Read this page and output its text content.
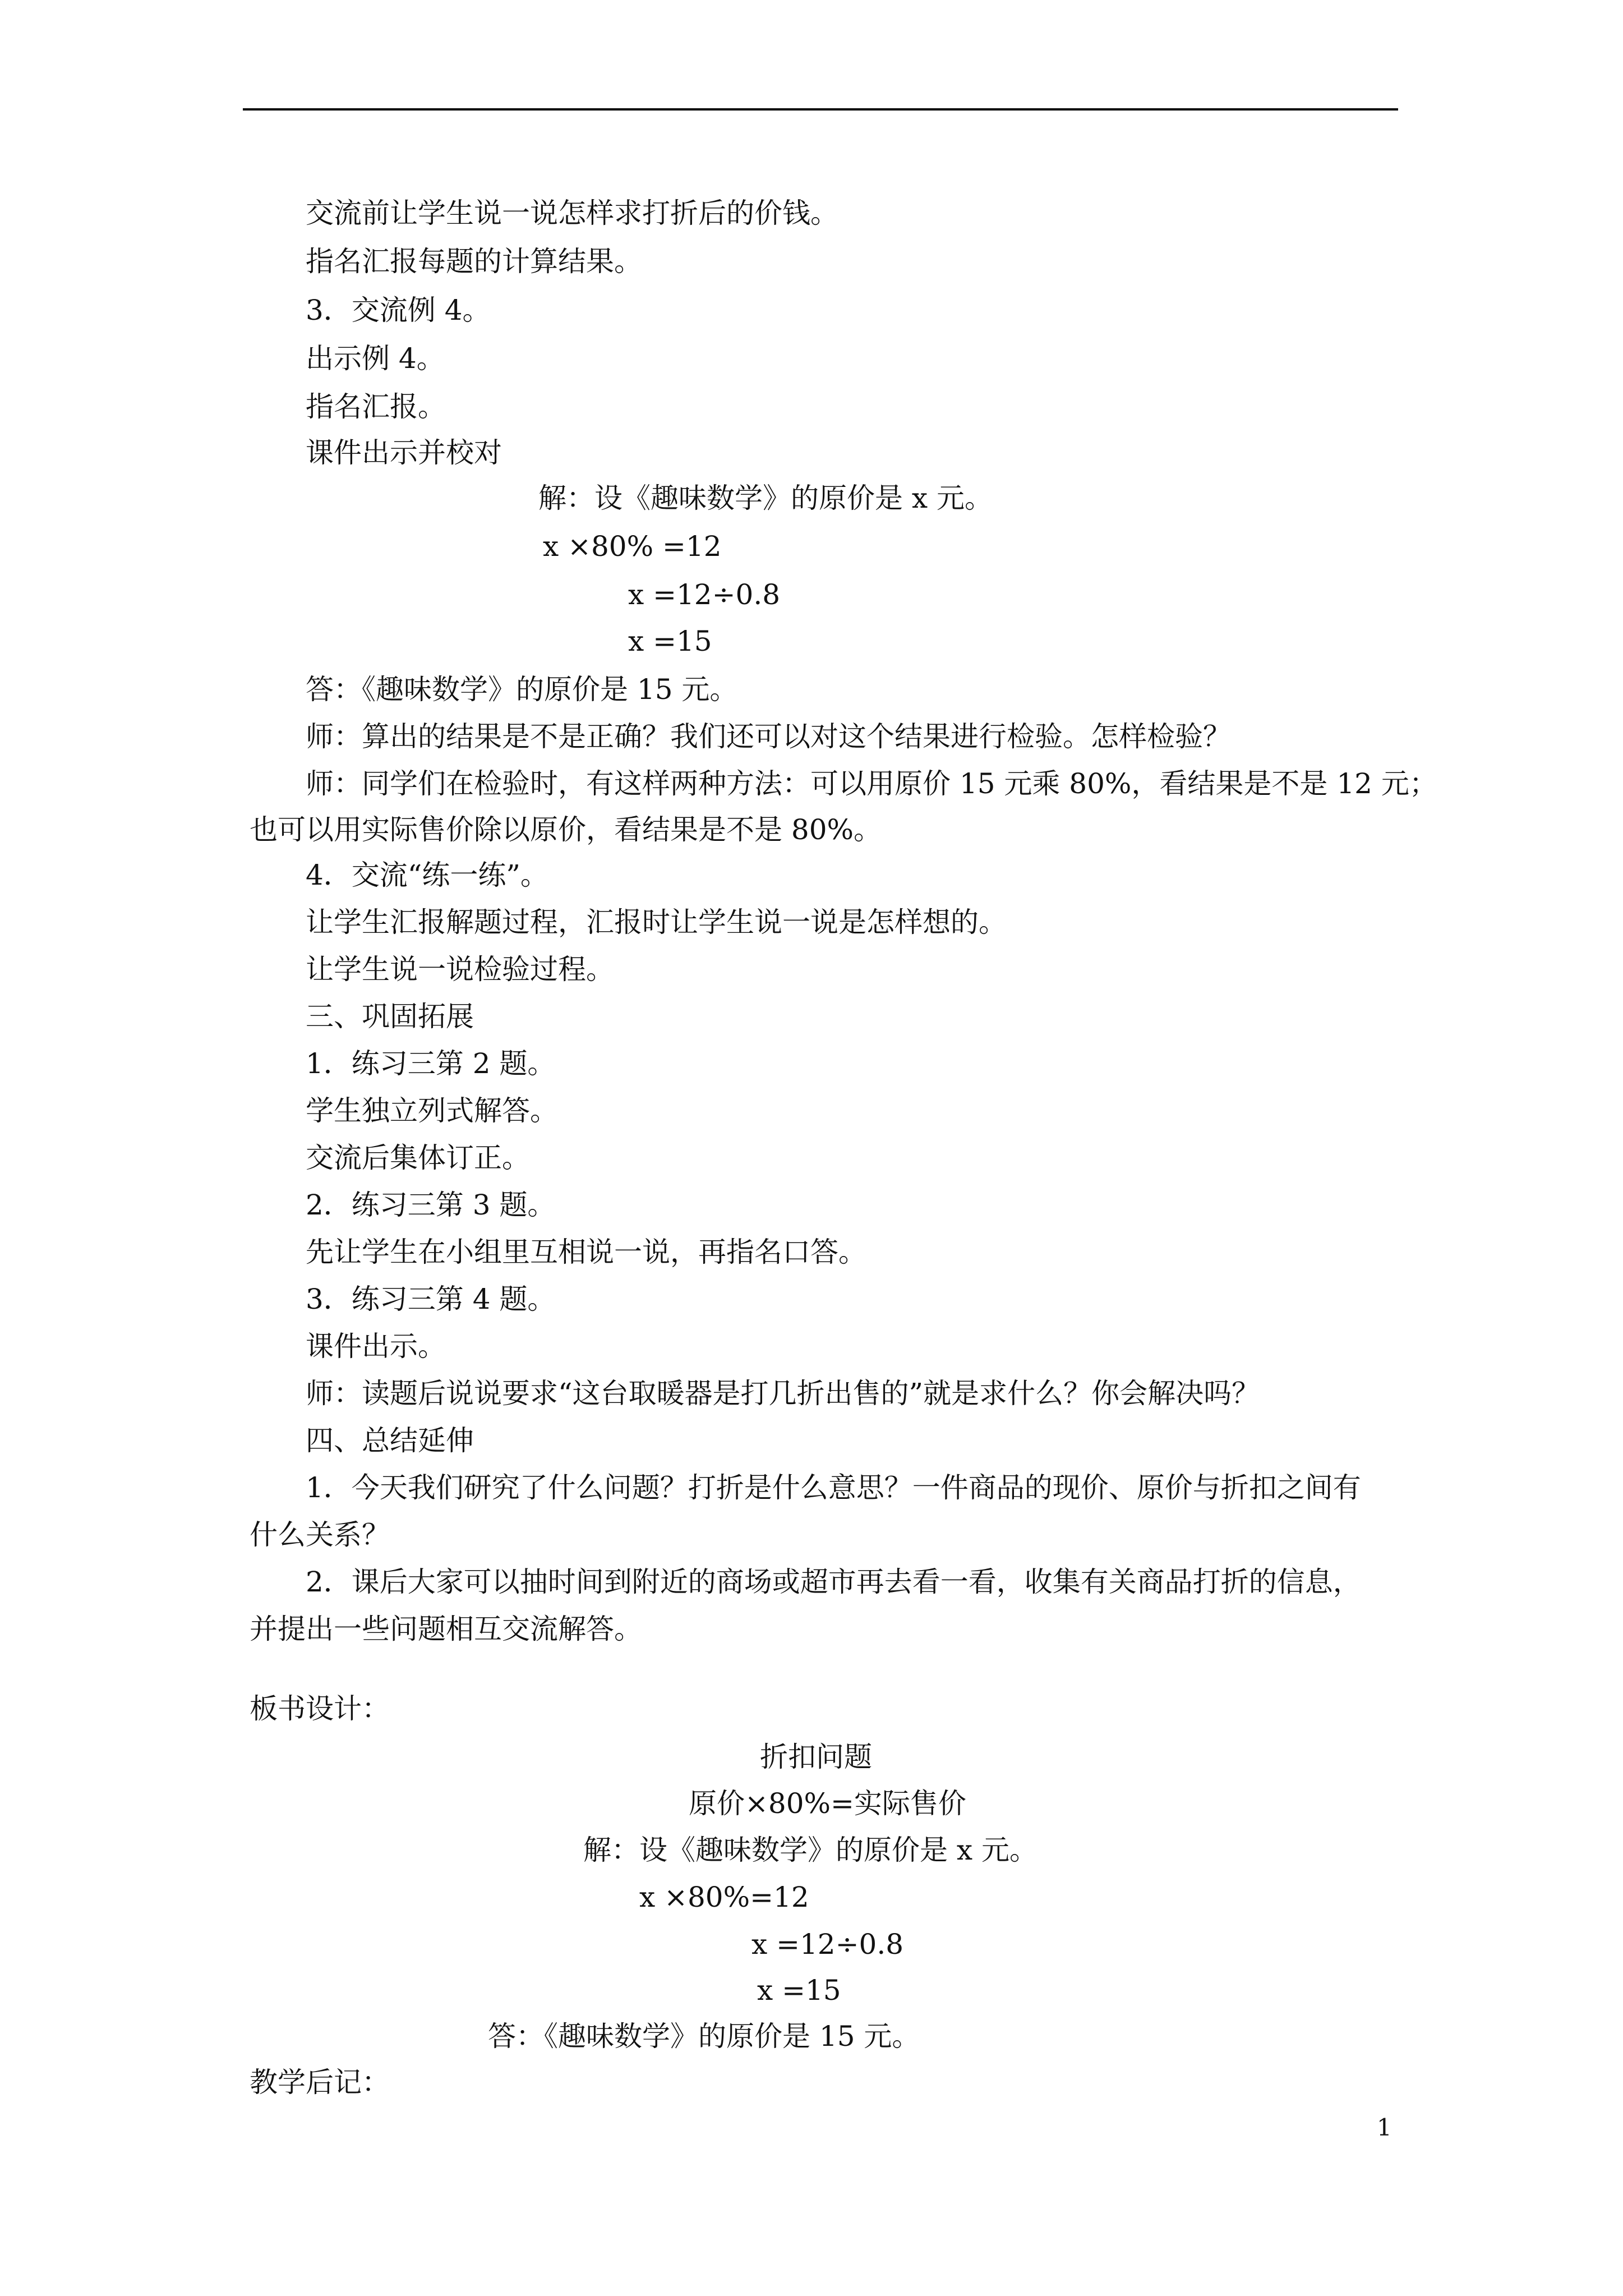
交流前让学生说一说怎样求打折后的价钱。

指名汇报每题的计算结果。

3．交流例 4。

出示例 4。

指名汇报。

课件出示并校对

解：设《趣味数学》的原价是 x 元。

x ×80% =12

x =12÷0.8

x =15

答：《趣味数学》的原价是 15 元。

师：算出的结果是不是正确？我们还可以对这个结果进行检验。怎样检验？

师：同学们在检验时，有这样两种方法：可以用原价 15 元乘 80%，看结果是不是 12 元；

也可以用实际售价除以原价，看结果是不是 80%。

4．交流“练一练”。

让学生汇报解题过程，汇报时让学生说一说是怎样想的。

让学生说一说检验过程。

三、巩固拓展

1．练习三第 2 题。

学生独立列式解答。

交流后集体订正。

2．练习三第 3 题。

先让学生在小组里互相说一说，再指名口答。

3．练习三第 4 题。

课件出示。

师：读题后说说要求“这台取暖器是打几折出售的”就是求什么？你会解决吗？

四、总结延伸

1．今天我们研究了什么问题？打折是什么意思？一件商品的现价、原价与折扣之间有

什么关系？

2．课后大家可以抽时间到附近的商场或超市再去看一看，收集有关商品打折的信息，

并提出一些问题相互交流解答。

板书设计：

折扣问题

原价×80%=实际售价

解：设《趣味数学》的原价是 x 元。

x ×80%=12

x =12÷0.8

x =15

答：《趣味数学》的原价是 15 元。

教学后记：

1
